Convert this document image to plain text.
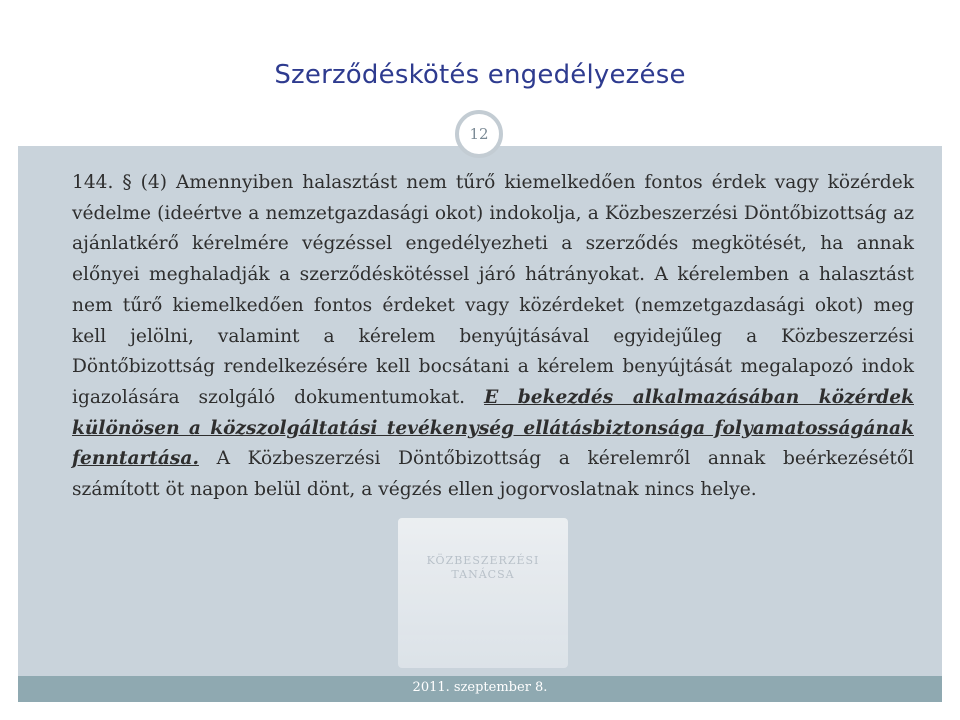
Szerződéskötés engedélyezése
12
KÖZBESZERZÉSI
TANÁCSA
144. § (4) Amennyiben halasztást nem tűrő kiemelkedően fontos érdek vagy közérdek védelme (ideértve a nemzetgazdasági okot) indokolja, a Közbeszerzési Döntőbizottság az ajánlatkérő kérelmére végzéssel engedélyezheti a szerződés megkötését, ha annak előnyei meghaladják a szerződéskötéssel járó hátrányokat. A kérelemben a halasztást nem tűrő kiemelkedően fontos érdeket vagy közérdeket (nemzetgazdasági okot) meg kell jelölni, valamint a kérelem benyújtásával egyidejűleg a Közbeszerzési Döntőbizottság rendelkezésére kell bocsátani a kérelem benyújtását megalapozó indok igazolására szolgáló dokumentumokat. E bekezdés alkalmazásában közérdek különösen a közszolgáltatási tevékenység ellátásbiztonsága folyamatosságának fenntartása. A Közbeszerzési Döntőbizottság a kérelemről annak beérkezésétől számított öt napon belül dönt, a végzés ellen jogorvoslatnak nincs helye.
2011. szeptember 8.
